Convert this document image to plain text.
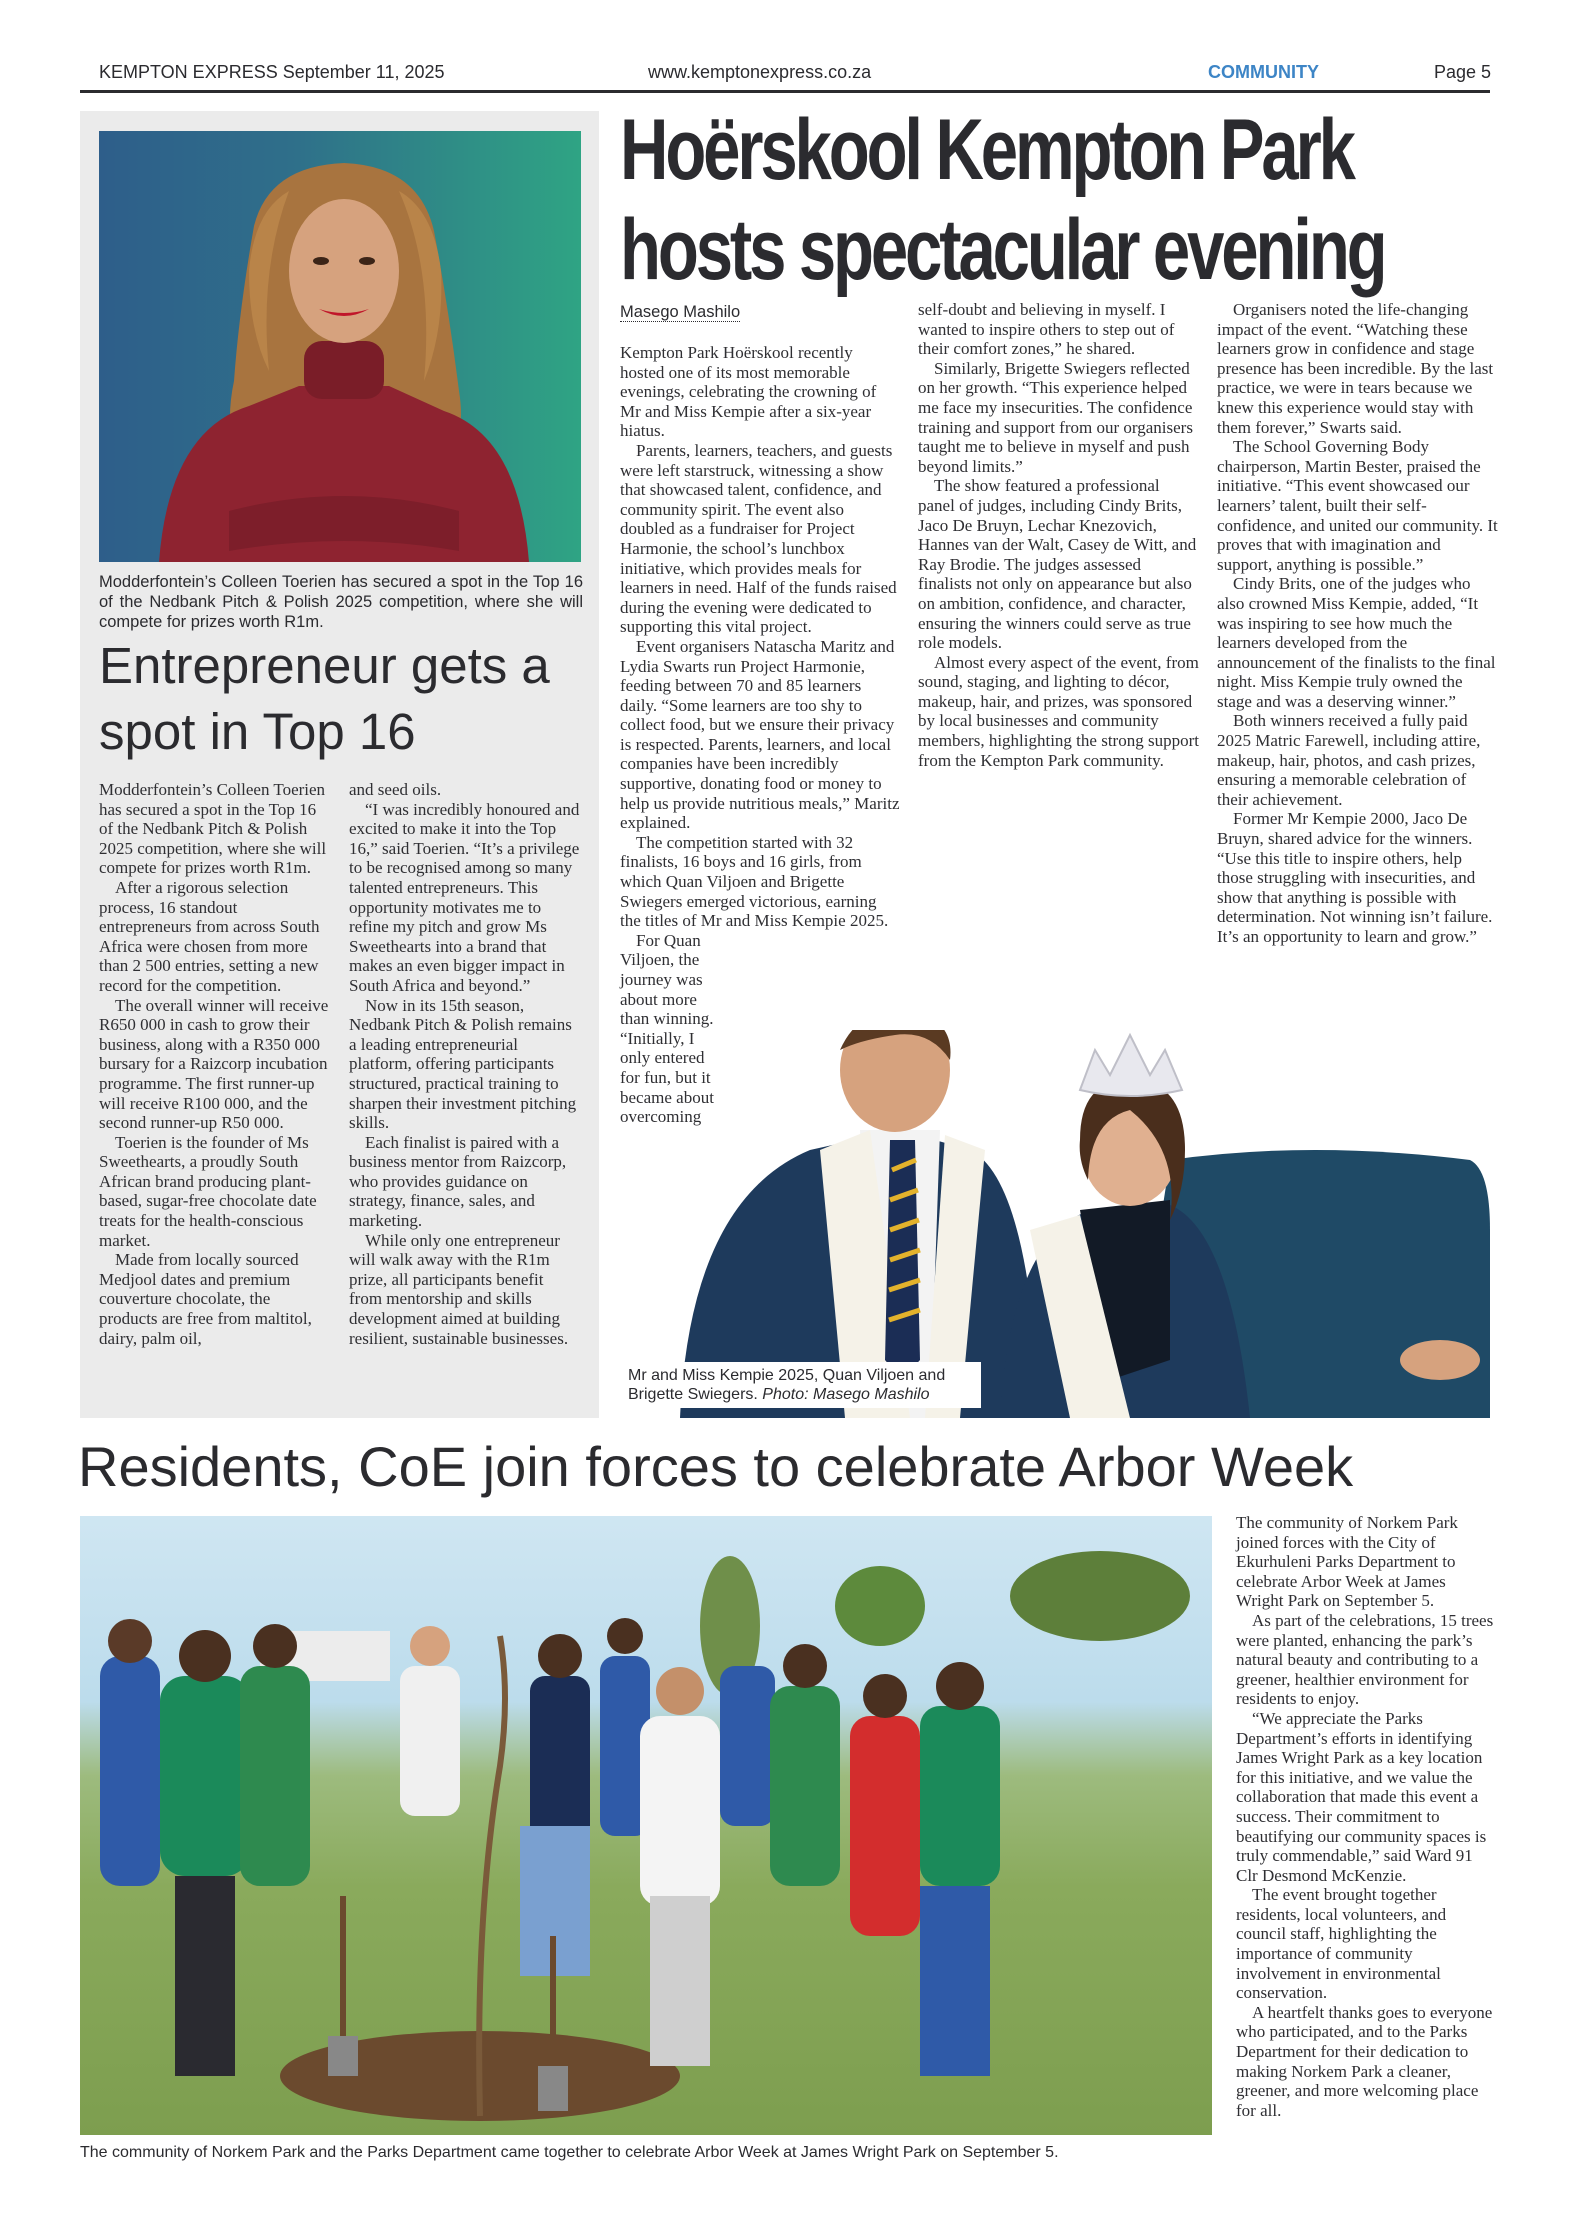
KEMPTON EXPRESS September 11, 2025	www.kemptonexpress.co.za	COMMUNITY	Page 5
Modderfontein’s Colleen Toerien has secured a spot in the Top 16 of the Nedbank Pitch & Polish 2025 competition, where she will compete for prizes worth R1m.
Entrepreneur gets a spot in Top 16

Modderfontein’s Colleen Toerien has secured a spot in the Top 16 of the Nedbank Pitch & Polish 2025 competition, where she will compete for prizes worth R1m.

After a rigorous selection process, 16 standout entrepreneurs from across South Africa were chosen from more than 2 500 entries, setting a new record for the competition.

The overall winner will receive R650 000 in cash to grow their business, along with a R350 000 bursary for a Raizcorp incubation programme. The first runner-up will receive R100 000, and the second runner-up R50 000.

Toerien is the founder of Ms Sweethearts, a proudly South African brand producing plant-based, sugar-free chocolate date treats for the health-conscious market.

Made from locally sourced Medjool dates and premium couverture chocolate, the products are free from maltitol, dairy, palm oil,

and seed oils.

“I was incredibly honoured and excited to make it into the Top 16,” said Toerien. “It’s a privilege to be recognised among so many talented entrepreneurs. This opportunity motivates me to refine my pitch and grow Ms Sweethearts into a brand that makes an even bigger impact in South Africa and beyond.”

Now in its 15th season, Nedbank Pitch & Polish remains a leading entrepreneurial platform, offering participants structured, practical training to sharpen their investment pitching skills.

Each finalist is paired with a business mentor from Raizcorp, who provides guidance on strategy, finance, sales, and marketing.

While only one entrepreneur will walk away with the R1m prize, all participants benefit from mentorship and skills development aimed at building resilient, sustainable businesses.

Hoërskool Kempton Park
hosts spectacular evening
Masego Mashilo

Kempton Park Hoërskool recently hosted one of its most memorable evenings, celebrating the crowning of Mr and Miss Kempie after a six-year hiatus.

Parents, learners, teachers, and guests were left starstruck, witnessing a show that showcased talent, confidence, and community spirit. The event also doubled as a fundraiser for Project Harmonie, the school’s lunchbox initiative, which provides meals for learners in need. Half of the funds raised during the evening were dedicated to supporting this vital project.

Event organisers Natascha Maritz and Lydia Swarts run Project Harmonie, feeding between 70 and 85 learners daily. “Some learners are too shy to collect food, but we ensure their privacy is respected. Parents, learners, and local companies have been incredibly supportive, donating food or money to help us provide nutritious meals,” Maritz explained.

The competition started with 32 finalists, 16 boys and 16 girls, from which Quan Viljoen and Brigette Swiegers emerged victorious, earning the titles of Mr and Miss Kempie 2025.

For Quan Viljoen, the journey was about more than winning. “Initially, I only entered for fun, but it became about overcoming

self-doubt and believing in myself. I wanted to inspire others to step out of their comfort zones,” he shared.

Similarly, Brigette Swiegers reflected on her growth. “This experience helped me face my insecurities. The confidence training and support from our organisers taught me to believe in myself and push beyond limits.”

The show featured a professional panel of judges, including Cindy Brits, Jaco De Bruyn, Lechar Knezovich, Hannes van der Walt, Casey de Witt, and Ray Brodie. The judges assessed finalists not only on appearance but also on ambition, confidence, and character, ensuring the winners could serve as true role models.

Almost every aspect of the event, from sound, staging, and lighting to décor, makeup, hair, and prizes, was sponsored by local businesses and community members, highlighting the strong support from the Kempton Park community.

Organisers noted the life-changing impact of the event. “Watching these learners grow in confidence and stage presence has been incredible. By the last practice, we were in tears because we knew this experience would stay with them forever,” Swarts said.

The School Governing Body chairperson, Martin Bester, praised the initiative. “This event showcased our learners’ talent, built their self-confidence, and united our community. It proves that with imagination and support, anything is possible.”

Cindy Brits, one of the judges who also crowned Miss Kempie, added, “It was inspiring to see how much the learners developed from the announcement of the finalists to the final night. Miss Kempie truly owned the stage and was a deserving winner.”

Both winners received a fully paid 2025 Matric Farewell, including attire, makeup, hair, photos, and cash prizes, ensuring a memorable celebration of their achievement.

Former Mr Kempie 2000, Jaco De Bruyn, shared advice for the winners. “Use this title to inspire others, help those struggling with insecurities, and show that anything is possible with determination. Not winning isn’t failure. It’s an opportunity to learn and grow.”

Mr and Miss Kempie 2025, Quan Viljoen and Brigette Swiegers. Photo: Masego Mashilo
Residents, CoE join forces to celebrate Arbor Week
The community of Norkem Park and the Parks Department came together to celebrate Arbor Week at James Wright Park on September 5.

The community of Norkem Park joined forces with the City of Ekurhuleni Parks Department to celebrate Arbor Week at James Wright Park on September 5.

As part of the celebrations, 15 trees were planted, enhancing the park’s natural beauty and contributing to a greener, healthier environment for residents to enjoy.

“We appreciate the Parks Department’s efforts in identifying James Wright Park as a key location for this initiative, and we value the collaboration that made this event a success. Their commitment to beautifying our community spaces is truly commendable,” said Ward 91 Clr Desmond McKenzie.

The event brought together residents, local volunteers, and council staff, highlighting the importance of community involvement in environmental conservation.

A heartfelt thanks goes to everyone who participated, and to the Parks Department for their dedication to making Norkem Park a cleaner, greener, and more welcoming place for all.
